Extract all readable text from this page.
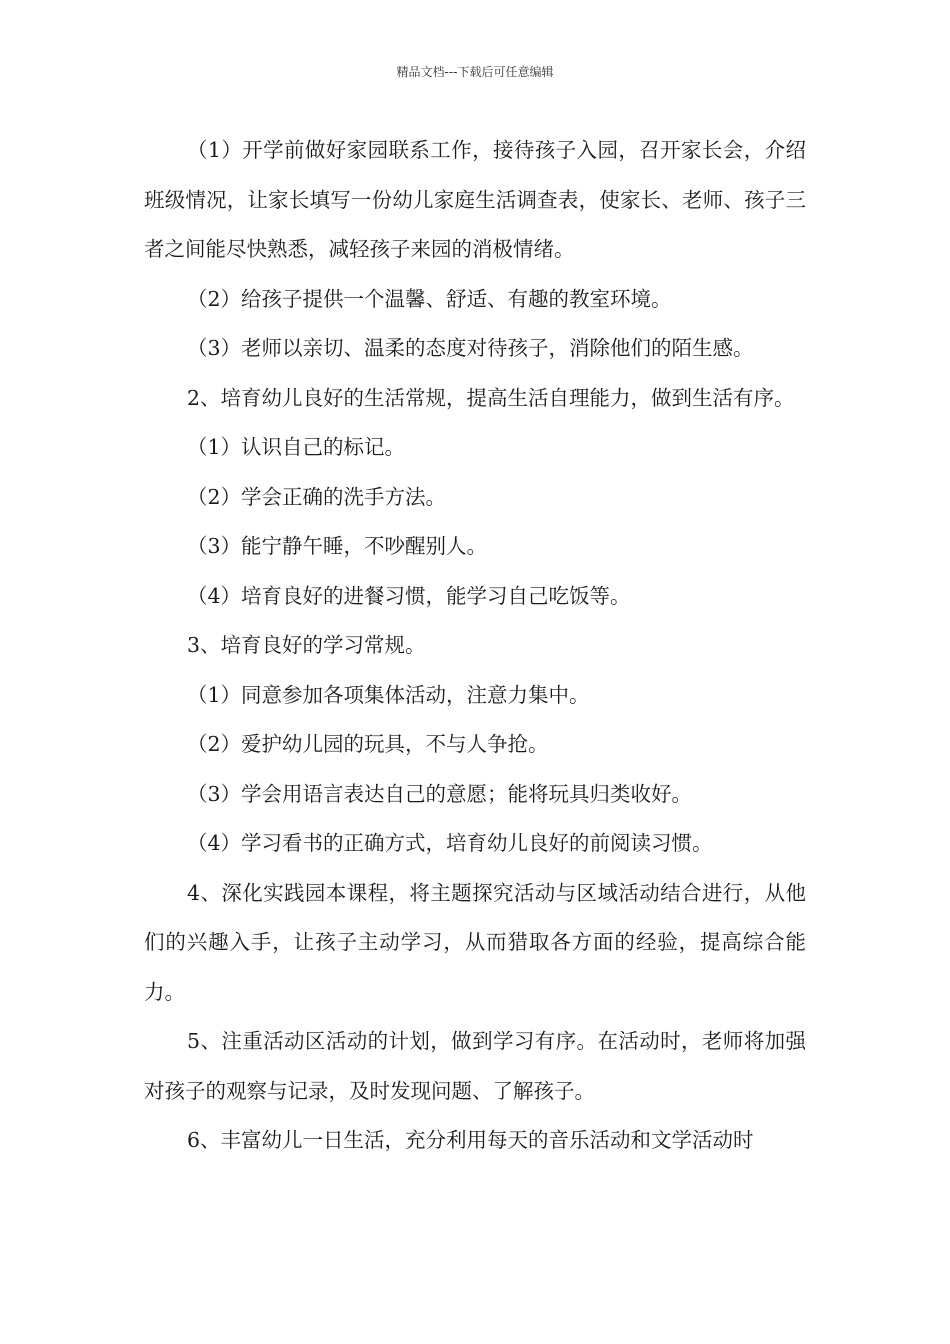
精品文档---下载后可任意编辑

（1）开学前做好家园联系工作，接待孩子入园，召开家长会，介绍班级情况，让家长填写一份幼儿家庭生活调查表，使家长、老师、孩子三者之间能尽快熟悉，减轻孩子来园的消极情绪。

（2）给孩子提供一个温馨、舒适、有趣的教室环境。

（3）老师以亲切、温柔的态度对待孩子，消除他们的陌生感。

2、培育幼儿良好的生活常规，提高生活自理能力，做到生活有序。

（1）认识自己的标记。

（2）学会正确的洗手方法。

（3）能宁静午睡，不吵醒别人。

（4）培育良好的进餐习惯，能学习自己吃饭等。

3、培育良好的学习常规。

（1）同意参加各项集体活动，注意力集中。

（2）爱护幼儿园的玩具，不与人争抢。

（3）学会用语言表达自己的意愿；能将玩具归类收好。

（4）学习看书的正确方式，培育幼儿良好的前阅读习惯。

4、深化实践园本课程，将主题探究活动与区域活动结合进行，从他们的兴趣入手，让孩子主动学习，从而猎取各方面的经验，提高综合能力。

5、注重活动区活动的计划，做到学习有序。在活动时，老师将加强对孩子的观察与记录，及时发现问题、了解孩子。

6、丰富幼儿一日生活，充分利用每天的音乐活动和文学活动时
